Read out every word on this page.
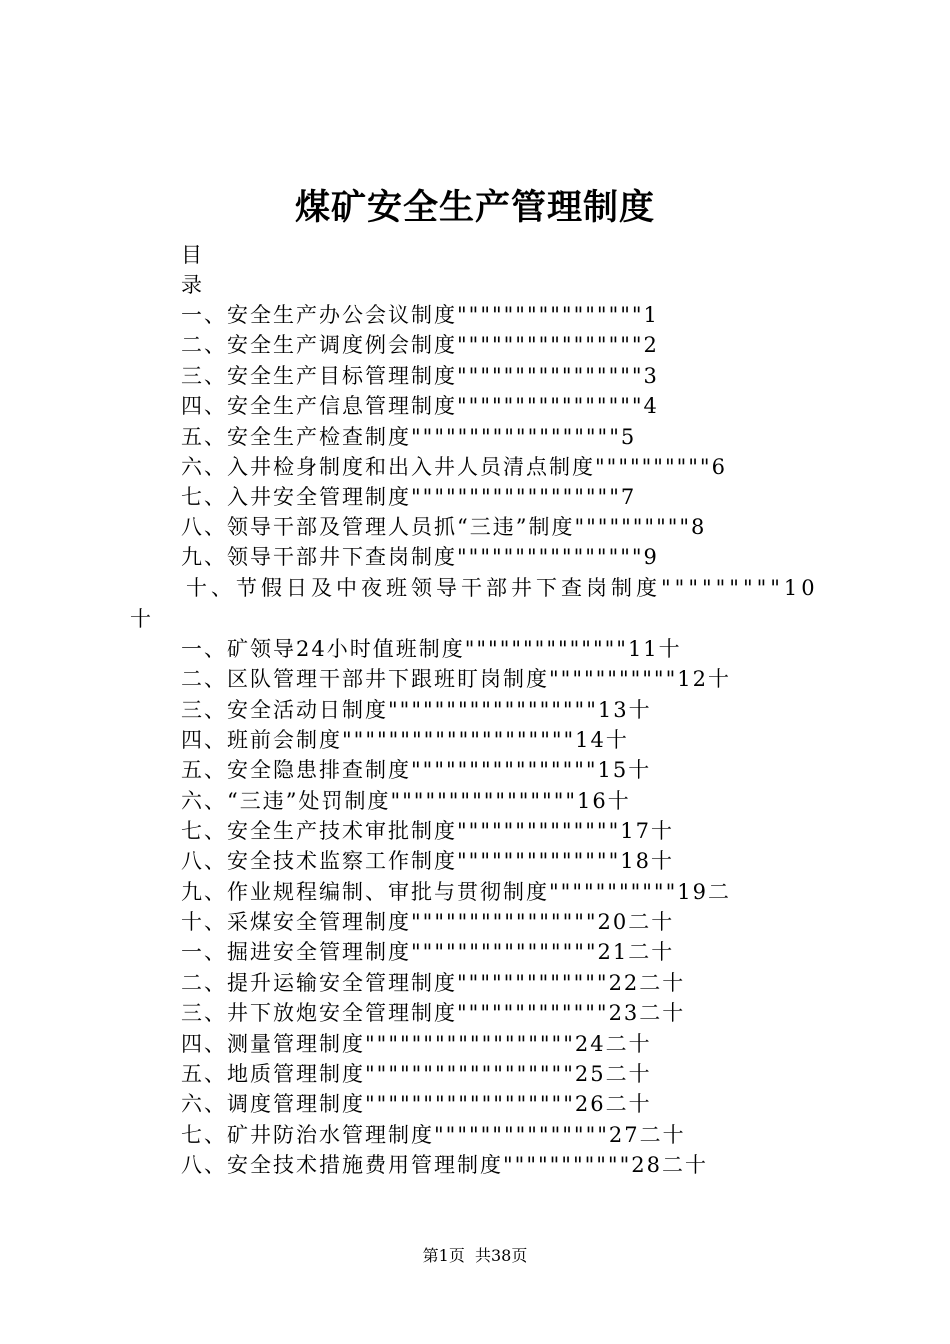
煤矿安全生产管理制度
目
录
一、安全生产办公会议制度""""""""""""""""1
二、安全生产调度例会制度""""""""""""""""2
三、安全生产目标管理制度""""""""""""""""3
四、安全生产信息管理制度""""""""""""""""4
五、安全生产检查制度""""""""""""""""""5
六、入井检身制度和出入井人员清点制度""""""""""6
七、入井安全管理制度""""""""""""""""""7
八、领导干部及管理人员抓“三违”制度""""""""""8
九、领导干部井下查岗制度""""""""""""""""9
十、节假日及中夜班领导干部井下查岗制度"""""""""10
十
一、矿领导24小时值班制度""""""""""""""11十
二、区队管理干部井下跟班盯岗制度"""""""""""12十
三、安全活动日制度""""""""""""""""""13十
四、班前会制度""""""""""""""""""""14十
五、安全隐患排查制度""""""""""""""""15十
六、“三违”处罚制度""""""""""""""""16十
七、安全生产技术审批制度""""""""""""""17十
八、安全技术监察工作制度""""""""""""""18十
九、作业规程编制、审批与贯彻制度"""""""""""19二
十、采煤安全管理制度""""""""""""""""20二十
一、掘进安全管理制度""""""""""""""""21二十
二、提升运输安全管理制度"""""""""""""22二十
三、井下放炮安全管理制度"""""""""""""23二十
四、测量管理制度""""""""""""""""""24二十
五、地质管理制度""""""""""""""""""25二十
六、调度管理制度""""""""""""""""""26二十
七、矿井防治水管理制度"""""""""""""""27二十
八、安全技术措施费用管理制度"""""""""""28二十
第1页  共38页
